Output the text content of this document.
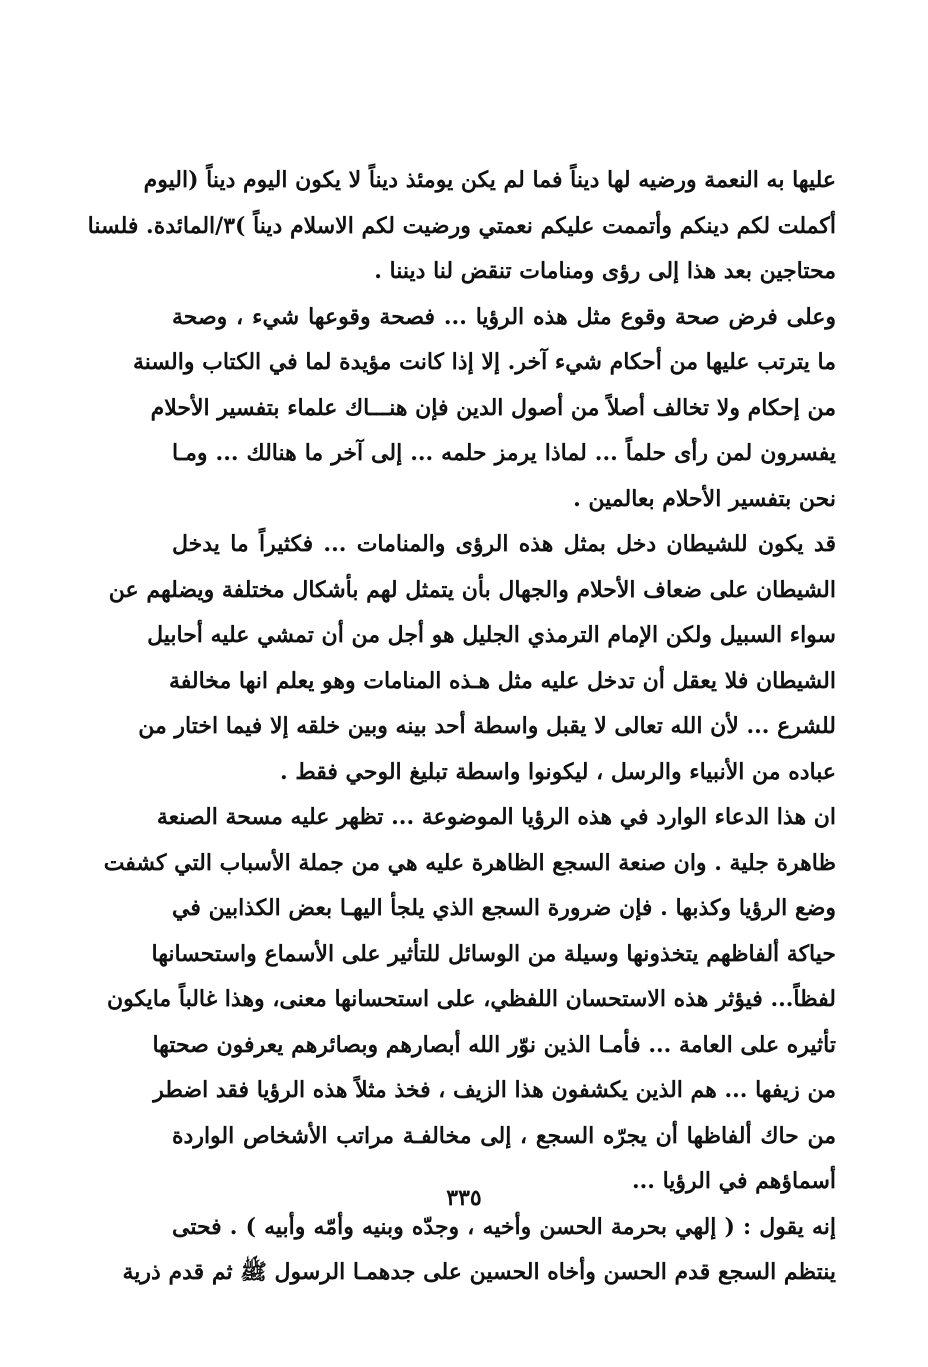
عليها به النعمة ورضيه لها ديناً فما لم يكن يومئذ ديناً لا يكون اليوم ديناً (اليوم
أكملت لكم دينكم وأتممت عليكم نعمتي ورضيت لكم الاسلام ديناً )٣/المائدة. فلسنا
محتاجين بعد هذا إلى رؤى ومنامات تنقض لنا ديننا .
وعلى فرض صحة وقوع مثل هذه الرؤيا ... فصحة وقوعها شيء ، وصحة
ما يترتب عليها من أحكام شيء آخر. إلا إذا كانت مؤيدة لما في الكتاب والسنة
من إحكام ولا تخالف أصلاً من أصول الدين فإن هنـــاك علماء بتفسير الأحلام
يفسرون لمن رأى حلماً ... لماذا يرمز حلمه ... إلى آخر ما هنالك ... ومـا
نحن بتفسير الأحلام بعالمين .
قد يكون للشيطان دخل بمثل هذه الرؤى والمنامات ... فكثيراً ما يدخل
الشيطان على ضعاف الأحلام والجهال بأن يتمثل لهم بأشكال مختلفة ويضلهم عن
سواء السبيل ولكن الإمام الترمذي الجليل هو أجل من أن تمشي عليه أحابيل
الشيطان فلا يعقل أن تدخل عليه مثل هـذه المنامات وهو يعلم انها مخالفة
للشرع ... لأن الله تعالى لا يقبل واسطة أحد بينه وبين خلقه إلا فيما اختار من
عباده من الأنبياء والرسل ، ليكونوا واسطة تبليغ الوحي فقط .
ان هذا الدعاء الوارد في هذه الرؤيا الموضوعة ... تظهر عليه مسحة الصنعة
ظاهرة جلية . وان صنعة السجع الظاهرة عليه هي من جملة الأسباب التي كشفت
وضع الرؤيا وكذبها . فإن ضرورة السجع الذي يلجأ اليهـا بعض الكذابين في
حياكة ألفاظهم يتخذونها وسيلة من الوسائل للتأثير على الأسماع واستحسانها
لفظاً... فيؤثر هذه الاستحسان اللفظي، على استحسانها معنى، وهذا غالباً مايكون
تأثيره على العامة ... فأمـا الذين نوّر الله أبصارهم وبصائرهم يعرفون صحتها
من زيفها ... هم الذين يكشفون هذا الزيف ، فخذ مثلاً هذه الرؤيا فقد اضطر
من حاك ألفاظها أن يجرّه السجع ، إلى مخالفـة مراتب الأشخاص الواردة
أسماؤهم في الرؤيا ...
إنه يقول : ( إلهي بحرمة الحسن وأخيه ، وجدّه وبنيه وأمّه وأبيه ) . فحتى
ينتظم السجع قدم الحسن وأخاه الحسين على جدهمـا الرسول ﷺ ثم قدم ذرية
٣٣٥
